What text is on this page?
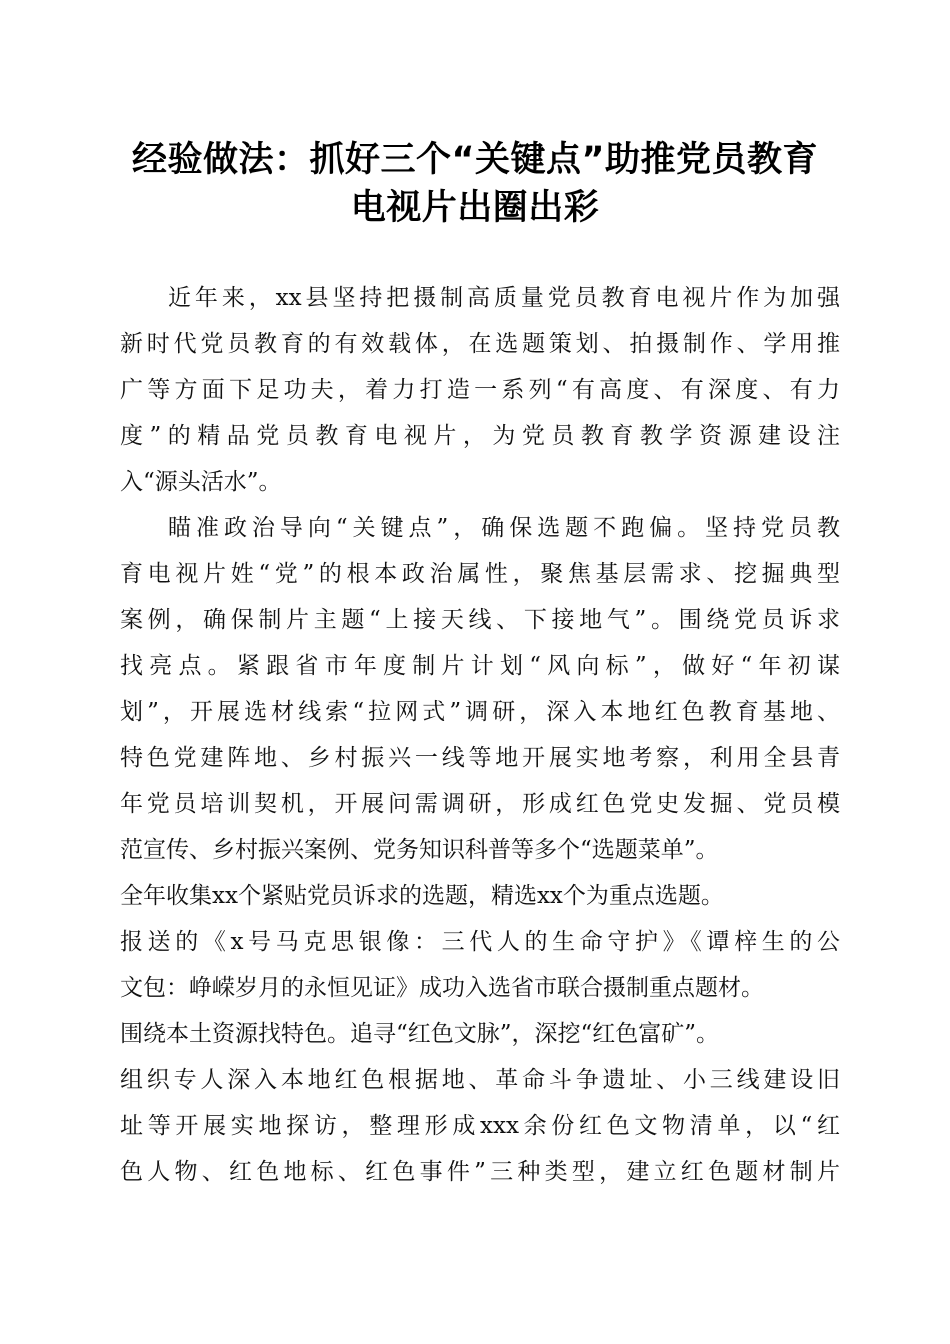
经验做法：抓好三个“关键点”助推党员教育
电视片出圈出彩
近年来，xx县坚持把摄制高质量党员教育电视片作为加强
新时代党员教育的有效载体，在选题策划、拍摄制作、学用推
广等方面下足功夫，着力打造一系列“有高度、有深度、有力
度”的精品党员教育电视片，为党员教育教学资源建设注
入“源头活水”。
瞄准政治导向“关键点”，确保选题不跑偏。坚持党员教
育电视片姓“党”的根本政治属性，聚焦基层需求、挖掘典型
案例，确保制片主题“上接天线、下接地气”。围绕党员诉求
找亮点。紧跟省市年度制片计划“风向标”，做好“年初谋
划”，开展选材线索“拉网式”调研，深入本地红色教育基地、
特色党建阵地、乡村振兴一线等地开展实地考察，利用全县青
年党员培训契机，开展问需调研，形成红色党史发掘、党员模
范宣传、乡村振兴案例、党务知识科普等多个“选题菜单”。
全年收集xx个紧贴党员诉求的选题，精选xx个为重点选题。
报送的《x号马克思银像：三代人的生命守护》《谭梓生的公
文包：峥嵘岁月的永恒见证》成功入选省市联合摄制重点题材。
围绕本土资源找特色。追寻“红色文脉”，深挖“红色富矿”。
组织专人深入本地红色根据地、革命斗争遗址、小三线建设旧
址等开展实地探访，整理形成xxx余份红色文物清单，以“红
色人物、红色地标、红色事件”三种类型，建立红色题材制片
